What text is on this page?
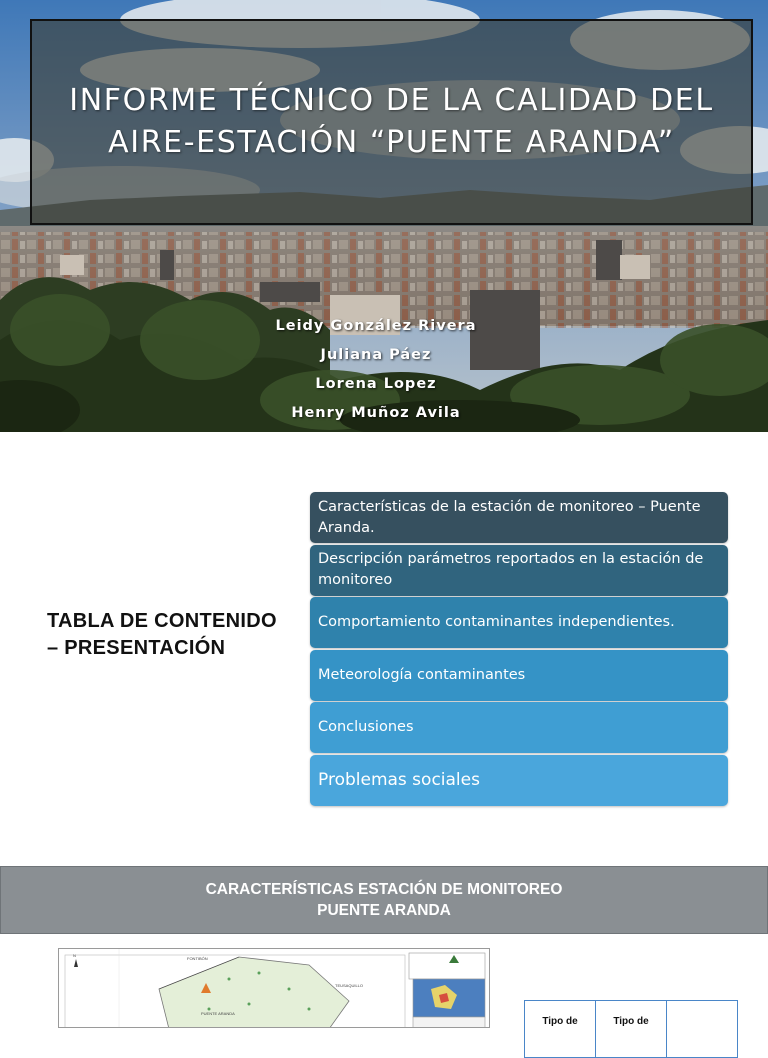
INFORME TÉCNICO DE LA CALIDAD DEL AIRE-ESTACIÓN “PUENTE ARANDA”
Leidy González Rivera
Juliana Páez
Lorena Lopez
Henry Muñoz Avila
TABLA DE CONTENIDO – PRESENTACIÓN
Características de la estación de monitoreo – Puente Aranda.
Descripción parámetros reportados en la estación de monitoreo
Comportamiento contaminantes independientes.
Meteorología contaminantes
Conclusiones
Problemas sociales
CARACTERÍSTICAS ESTACIÓN DE MONITOREO
PUENTE ARANDA
N
FONTIBÓN
PUENTE ARANDA
TEUSAQUILLO
Tipo de	Tipo de	
